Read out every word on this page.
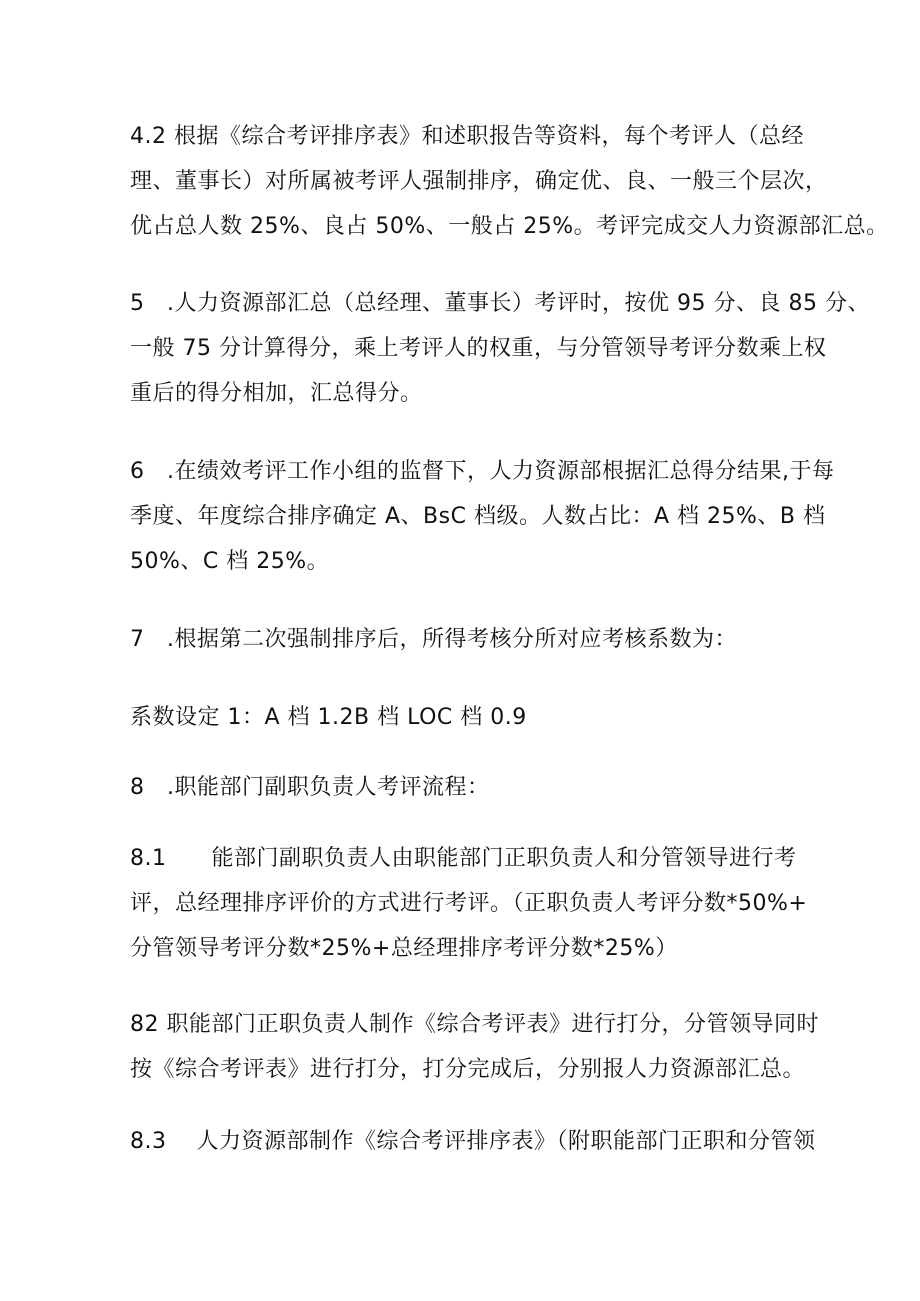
4.2 根据《综合考评排序表》和述职报告等资料，每个考评人（总经
理、董事长）对所属被考评人强制排序，确定优、良、一般三个层次，
优占总人数 25%、良占 50%、一般占 25%。考评完成交人力资源部汇总。
5　.人力资源部汇总（总经理、董事长）考评时，按优 95 分、良 85 分、
一般 75 分计算得分，乘上考评人的权重，与分管领导考评分数乘上权
重后的得分相加，汇总得分。
6　.在绩效考评工作小组的监督下，人力资源部根据汇总得分结果,于每
季度、年度综合排序确定 A、BsC 档级。人数占比：A 档 25%、B 档
50%、C 档 25%。
7　.根据第二次强制排序后，所得考核分所对应考核系数为：
系数设定 1：A 档 1.2B 档 LOC 档 0.9
8　.职能部门副职负责人考评流程：
8.1　　能部门副职负责人由职能部门正职负责人和分管领导进行考
评，总经理排序评价的方式进行考评。（正职负责人考评分数*50%+
分管领导考评分数*25%+总经理排序考评分数*25%）
82 职能部门正职负责人制作《综合考评表》进行打分，分管领导同时
按《综合考评表》进行打分，打分完成后，分别报人力资源部汇总。
8.3　 人力资源部制作《综合考评排序表》（附职能部门正职和分管领
